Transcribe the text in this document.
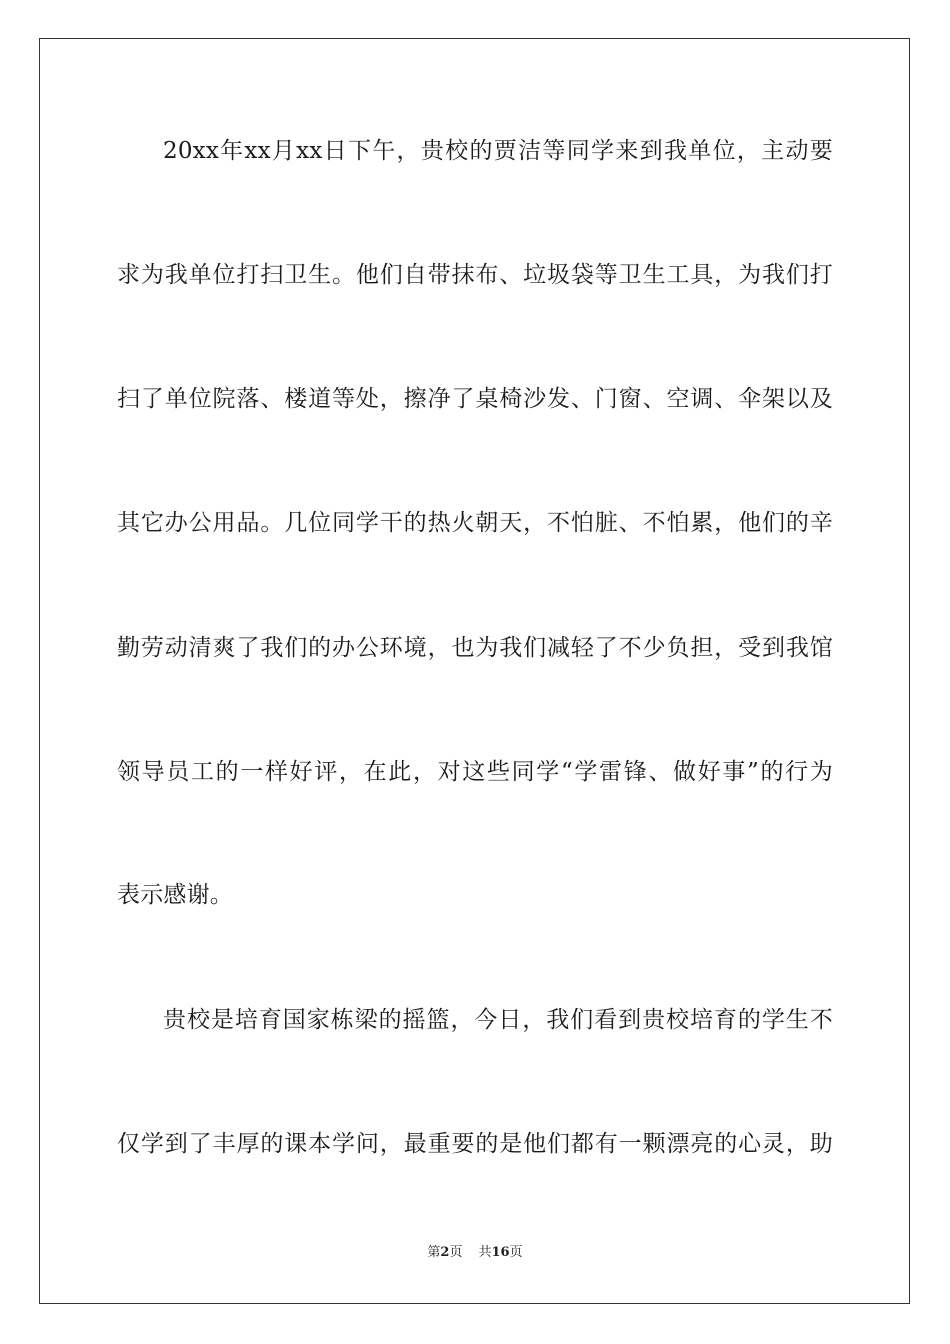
20xx年xx月xx日下午，贵校的贾洁等同学来到我单位，主动要
求为我单位打扫卫生。他们自带抹布、垃圾袋等卫生工具，为我们打
扫了单位院落、楼道等处，擦净了桌椅沙发、门窗、空调、伞架以及
其它办公用品。几位同学干的热火朝天，不怕脏、不怕累，他们的辛
勤劳动清爽了我们的办公环境，也为我们减轻了不少负担，受到我馆
领导员工的一样好评，在此，对这些同学“学雷锋、做好事”的行为
表示感谢。
贵校是培育国家栋梁的摇篮，今日，我们看到贵校培育的学生不
仅学到了丰厚的课本学问，最重要的是他们都有一颗漂亮的心灵，助
第2页 共16页
